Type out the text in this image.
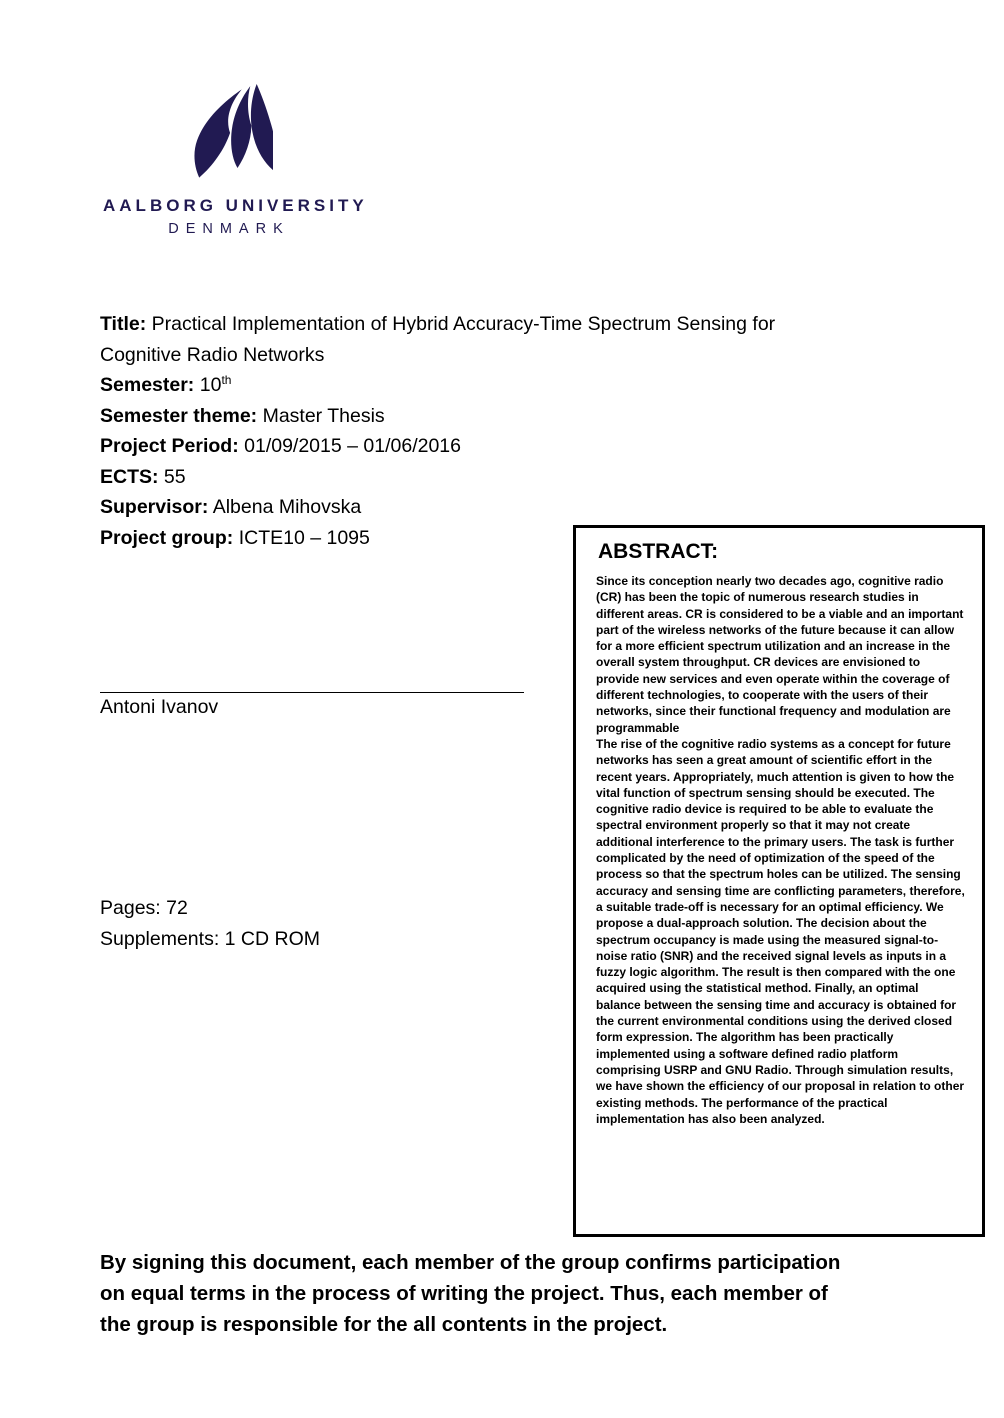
AALBORG UNIVERSITY
DENMARK

Title: Practical Implementation of Hybrid Accuracy-Time Spectrum Sensing for Cognitive Radio Networks

Semester: 10th

Semester theme: Master Thesis

Project Period: 01/09/2015 – 01/06/2016

ECTS: 55

Supervisor: Albena Mihovska

Project group: ICTE10 – 1095

ABSTRACT:

Since its conception nearly two decades ago, cognitive radio (CR) has been the topic of numerous research studies in different areas. CR is considered to be a viable and an important part of the wireless networks of the future because it can allow for a more efficient spectrum utilization and an increase in the overall system throughput. CR devices are envisioned to provide new services and even operate within the coverage of different technologies, to cooperate with the users of their networks, since their functional frequency and modulation are programmable

The rise of the cognitive radio systems as a concept for future networks has seen a great amount of scientific effort in the recent years. Appropriately, much attention is given to how the vital function of spectrum sensing should be executed. The cognitive radio device is required to be able to evaluate the spectral environment properly so that it may not create additional interference to the primary users. The task is further complicated by the need of optimization of the speed of the process so that the spectrum holes can be utilized. The sensing accuracy and sensing time are conflicting parameters, therefore, a suitable trade-off is necessary for an optimal efficiency. We propose a dual-approach solution. The decision about the spectrum occupancy is made using the measured signal-to-noise ratio (SNR) and the received signal levels as inputs in a fuzzy logic algorithm. The result is then compared with the one acquired using the statistical method. Finally, an optimal balance between the sensing time and accuracy is obtained for the current environmental conditions using the derived closed form expression. The algorithm has been practically implemented using a software defined radio platform comprising USRP and GNU Radio. Through simulation results, we have shown the efficiency of our proposal in relation to other existing methods. The performance of the practical implementation has also been analyzed.

Antoni Ivanov

Pages: 72

Supplements: 1 CD ROM

By signing this document, each member of the group confirms participation on equal terms in the process of writing the project. Thus, each member of the group is responsible for the all contents in the project.
